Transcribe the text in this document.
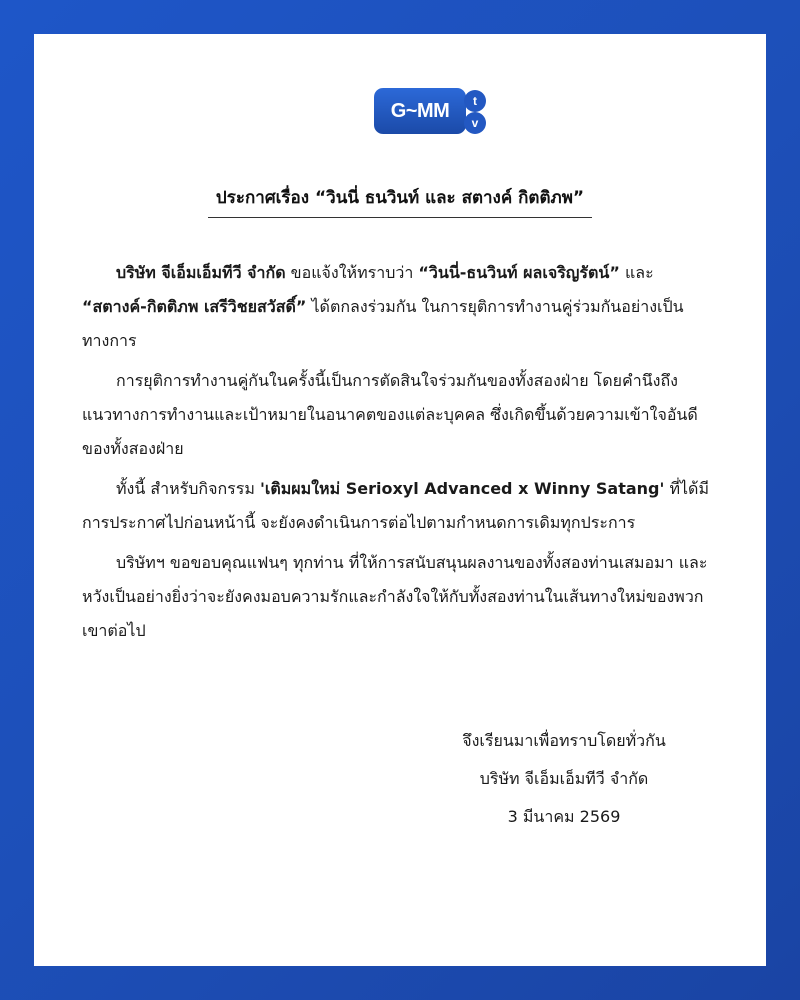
G~MM	t
v
ประกาศเรื่อง “วินนี่ ธนวินท์ และ สตางค์ กิตติภพ”

บริษัท จีเอ็มเอ็มทีวี จำกัด ขอแจ้งให้ทราบว่า “วินนี่-ธนวินท์ ผลเจริญรัตน์” และ “สตางค์-กิตติภพ เสรีวิชยสวัสดิ์” ได้ตกลงร่วมกัน ในการยุติการทำงานคู่ร่วมกันอย่างเป็นทางการ

การยุติการทำงานคู่กันในครั้งนี้เป็นการตัดสินใจร่วมกันของทั้งสองฝ่าย โดยคำนึงถึงแนวทางการทำงานและเป้าหมายในอนาคตของแต่ละบุคคล ซึ่งเกิดขึ้นด้วยความเข้าใจอันดีของทั้งสองฝ่าย

ทั้งนี้ สำหรับกิจกรรม 'เติมผมใหม่ Serioxyl Advanced x Winny Satang' ที่ได้มีการประกาศไปก่อนหน้านี้ จะยังคงดำเนินการต่อไปตามกำหนดการเดิมทุกประการ

บริษัทฯ ขอขอบคุณแฟนๆ ทุกท่าน ที่ให้การสนับสนุนผลงานของทั้งสองท่านเสมอมา และหวังเป็นอย่างยิ่งว่าจะยังคงมอบความรักและกำลังใจให้กับทั้งสองท่านในเส้นทางใหม่ของพวกเขาต่อไป

จึงเรียนมาเพื่อทราบโดยทั่วกัน
บริษัท จีเอ็มเอ็มทีวี จำกัด
3 มีนาคม 2569
